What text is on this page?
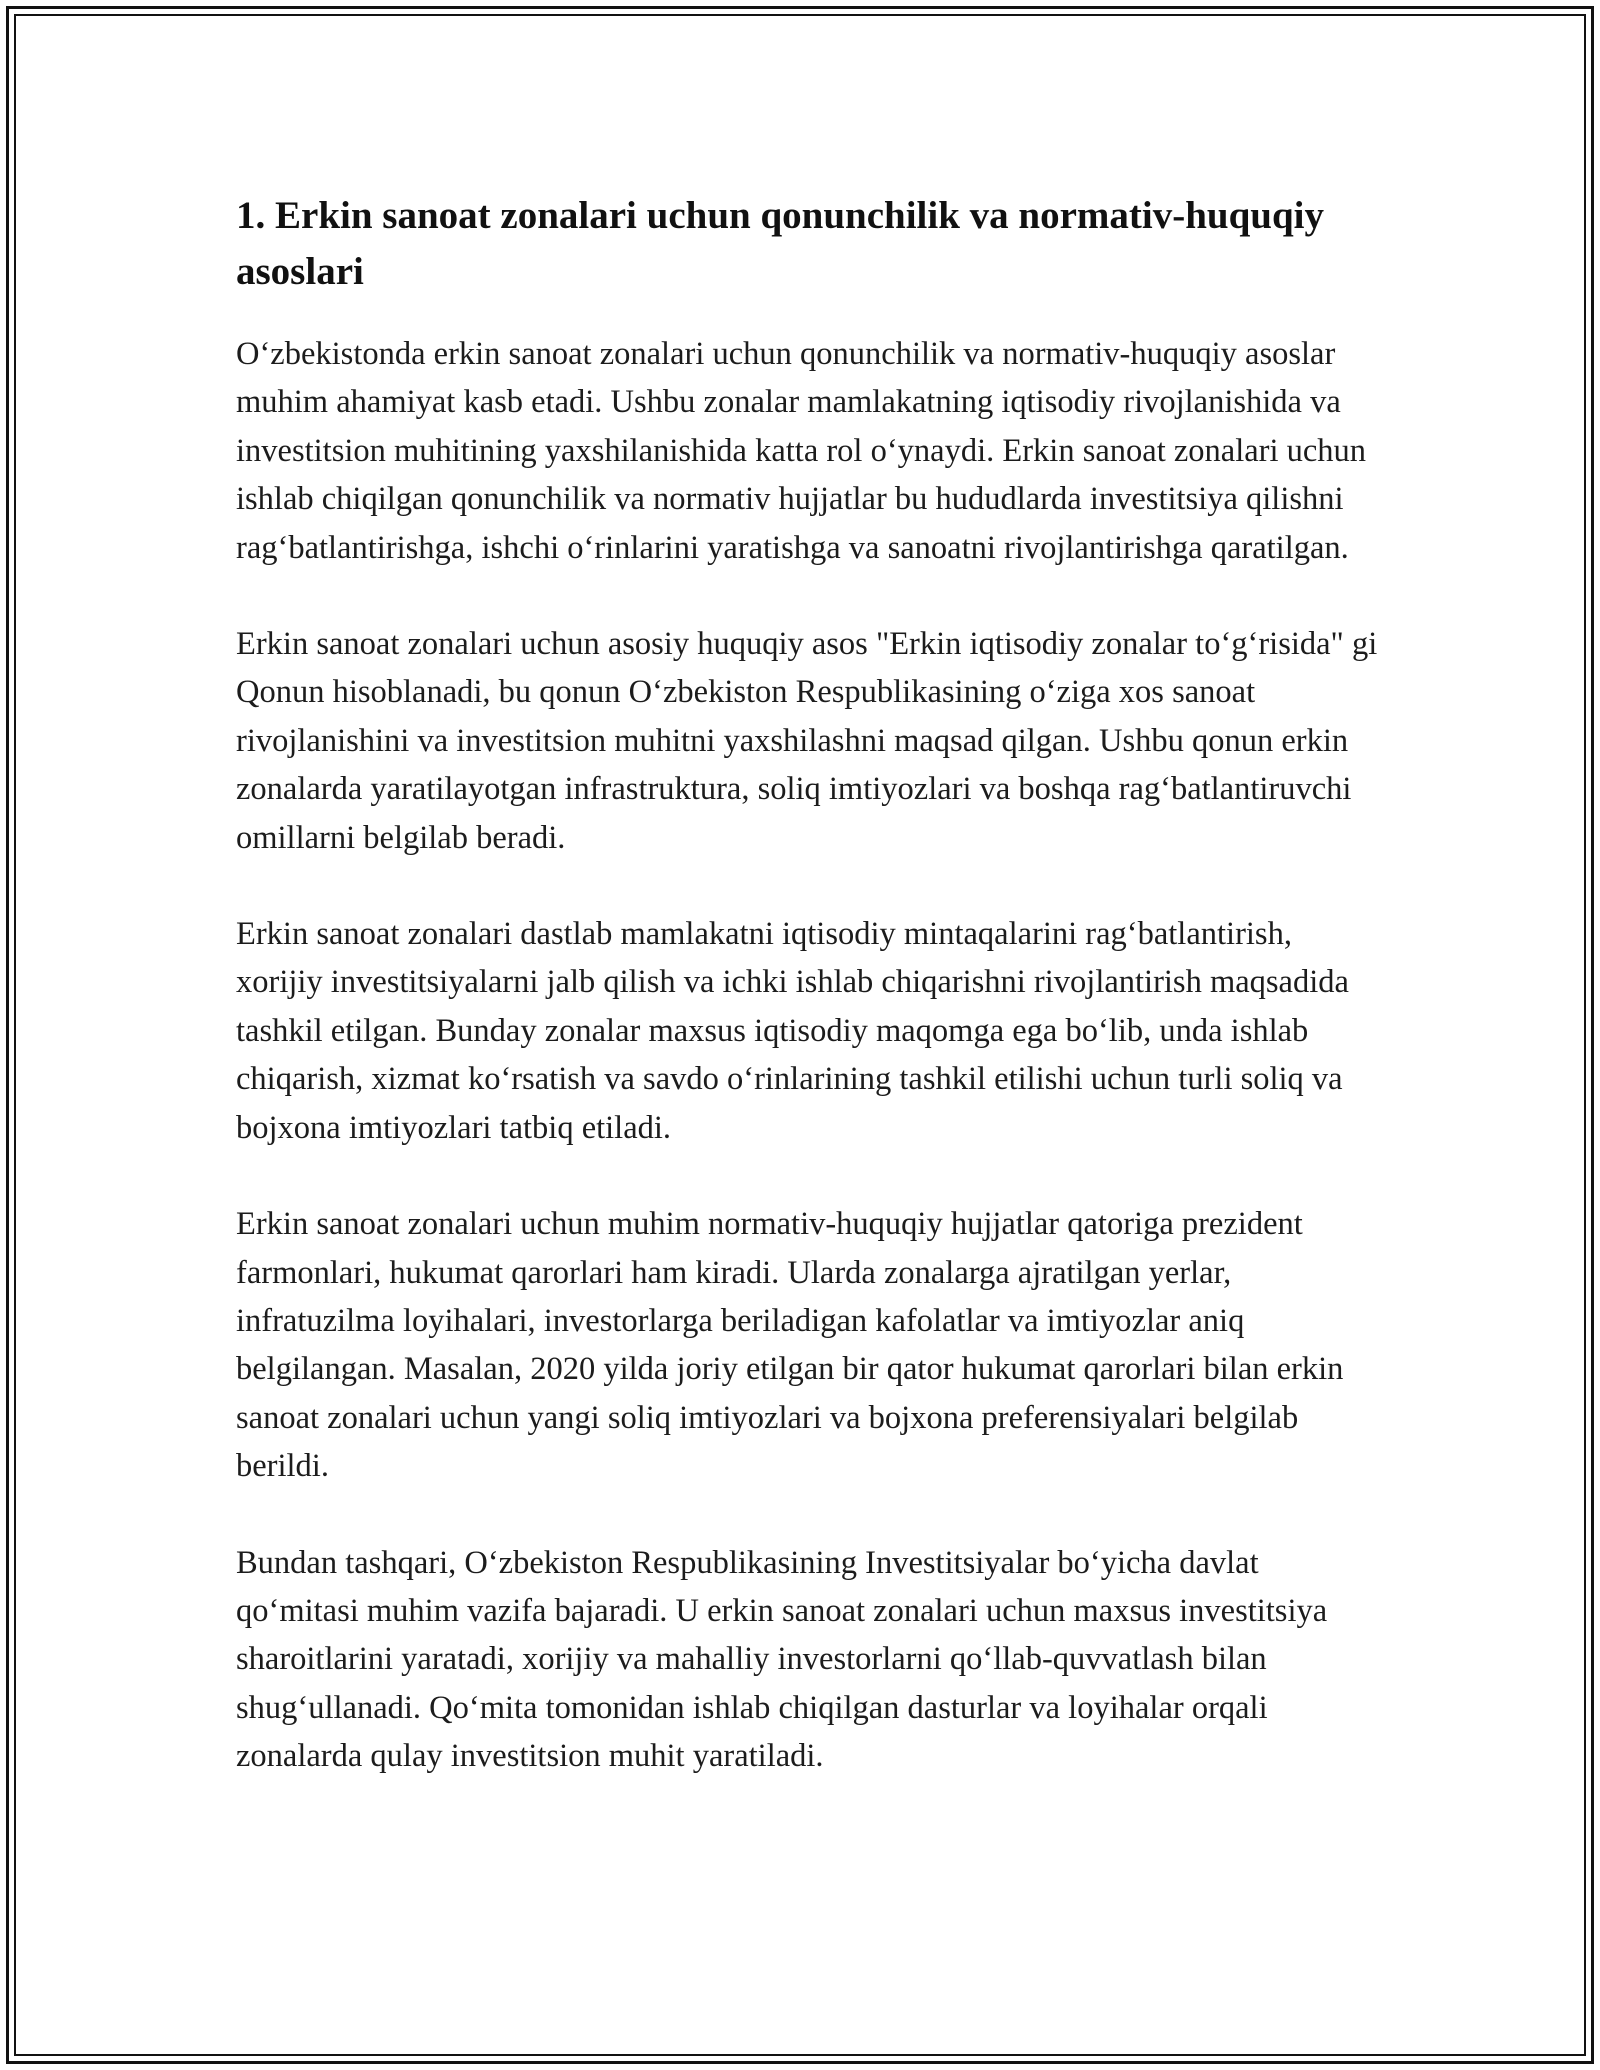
1. Erkin sanoat zonalari uchun qonunchilik va normativ-huquqiy asoslari

O‘zbekistonda erkin sanoat zonalari uchun qonunchilik va normativ-huquqiy asoslar muhim ahamiyat kasb etadi. Ushbu zonalar mamlakatning iqtisodiy rivojlanishida va investitsion muhitining yaxshilanishida katta rol o‘ynaydi. Erkin sanoat zonalari uchun ishlab chiqilgan qonunchilik va normativ hujjatlar bu hududlarda investitsiya qilishni rag‘batlantirishga, ishchi o‘rinlarini yaratishga va sanoatni rivojlantirishga qaratilgan.

Erkin sanoat zonalari uchun asosiy huquqiy asos "Erkin iqtisodiy zonalar to‘g‘risida" gi Qonun hisoblanadi, bu qonun O‘zbekiston Respublikasining o‘ziga xos sanoat rivojlanishini va investitsion muhitni yaxshilashni maqsad qilgan. Ushbu qonun erkin zonalarda yaratilayotgan infrastruktura, soliq imtiyozlari va boshqa rag‘batlantiruvchi omillarni belgilab beradi.

Erkin sanoat zonalari dastlab mamlakatni iqtisodiy mintaqalarini rag‘batlantirish, xorijiy investitsiyalarni jalb qilish va ichki ishlab chiqarishni rivojlantirish maqsadida tashkil etilgan. Bunday zonalar maxsus iqtisodiy maqomga ega bo‘lib, unda ishlab chiqarish, xizmat ko‘rsatish va savdo o‘rinlarining tashkil etilishi uchun turli soliq va bojxona imtiyozlari tatbiq etiladi.

Erkin sanoat zonalari uchun muhim normativ-huquqiy hujjatlar qatoriga prezident farmonlari, hukumat qarorlari ham kiradi. Ularda zonalarga ajratilgan yerlar, infratuzilma loyihalari, investorlarga beriladigan kafolatlar va imtiyozlar aniq belgilangan. Masalan, 2020 yilda joriy etilgan bir qator hukumat qarorlari bilan erkin sanoat zonalari uchun yangi soliq imtiyozlari va bojxona preferensiyalari belgilab berildi.

Bundan tashqari, O‘zbekiston Respublikasining Investitsiyalar bo‘yicha davlat qo‘mitasi muhim vazifa bajaradi. U erkin sanoat zonalari uchun maxsus investitsiya sharoitlarini yaratadi, xorijiy va mahalliy investorlarni qo‘llab-quvvatlash bilan shug‘ullanadi. Qo‘mita tomonidan ishlab chiqilgan dasturlar va loyihalar orqali zonalarda qulay investitsion muhit yaratiladi.
